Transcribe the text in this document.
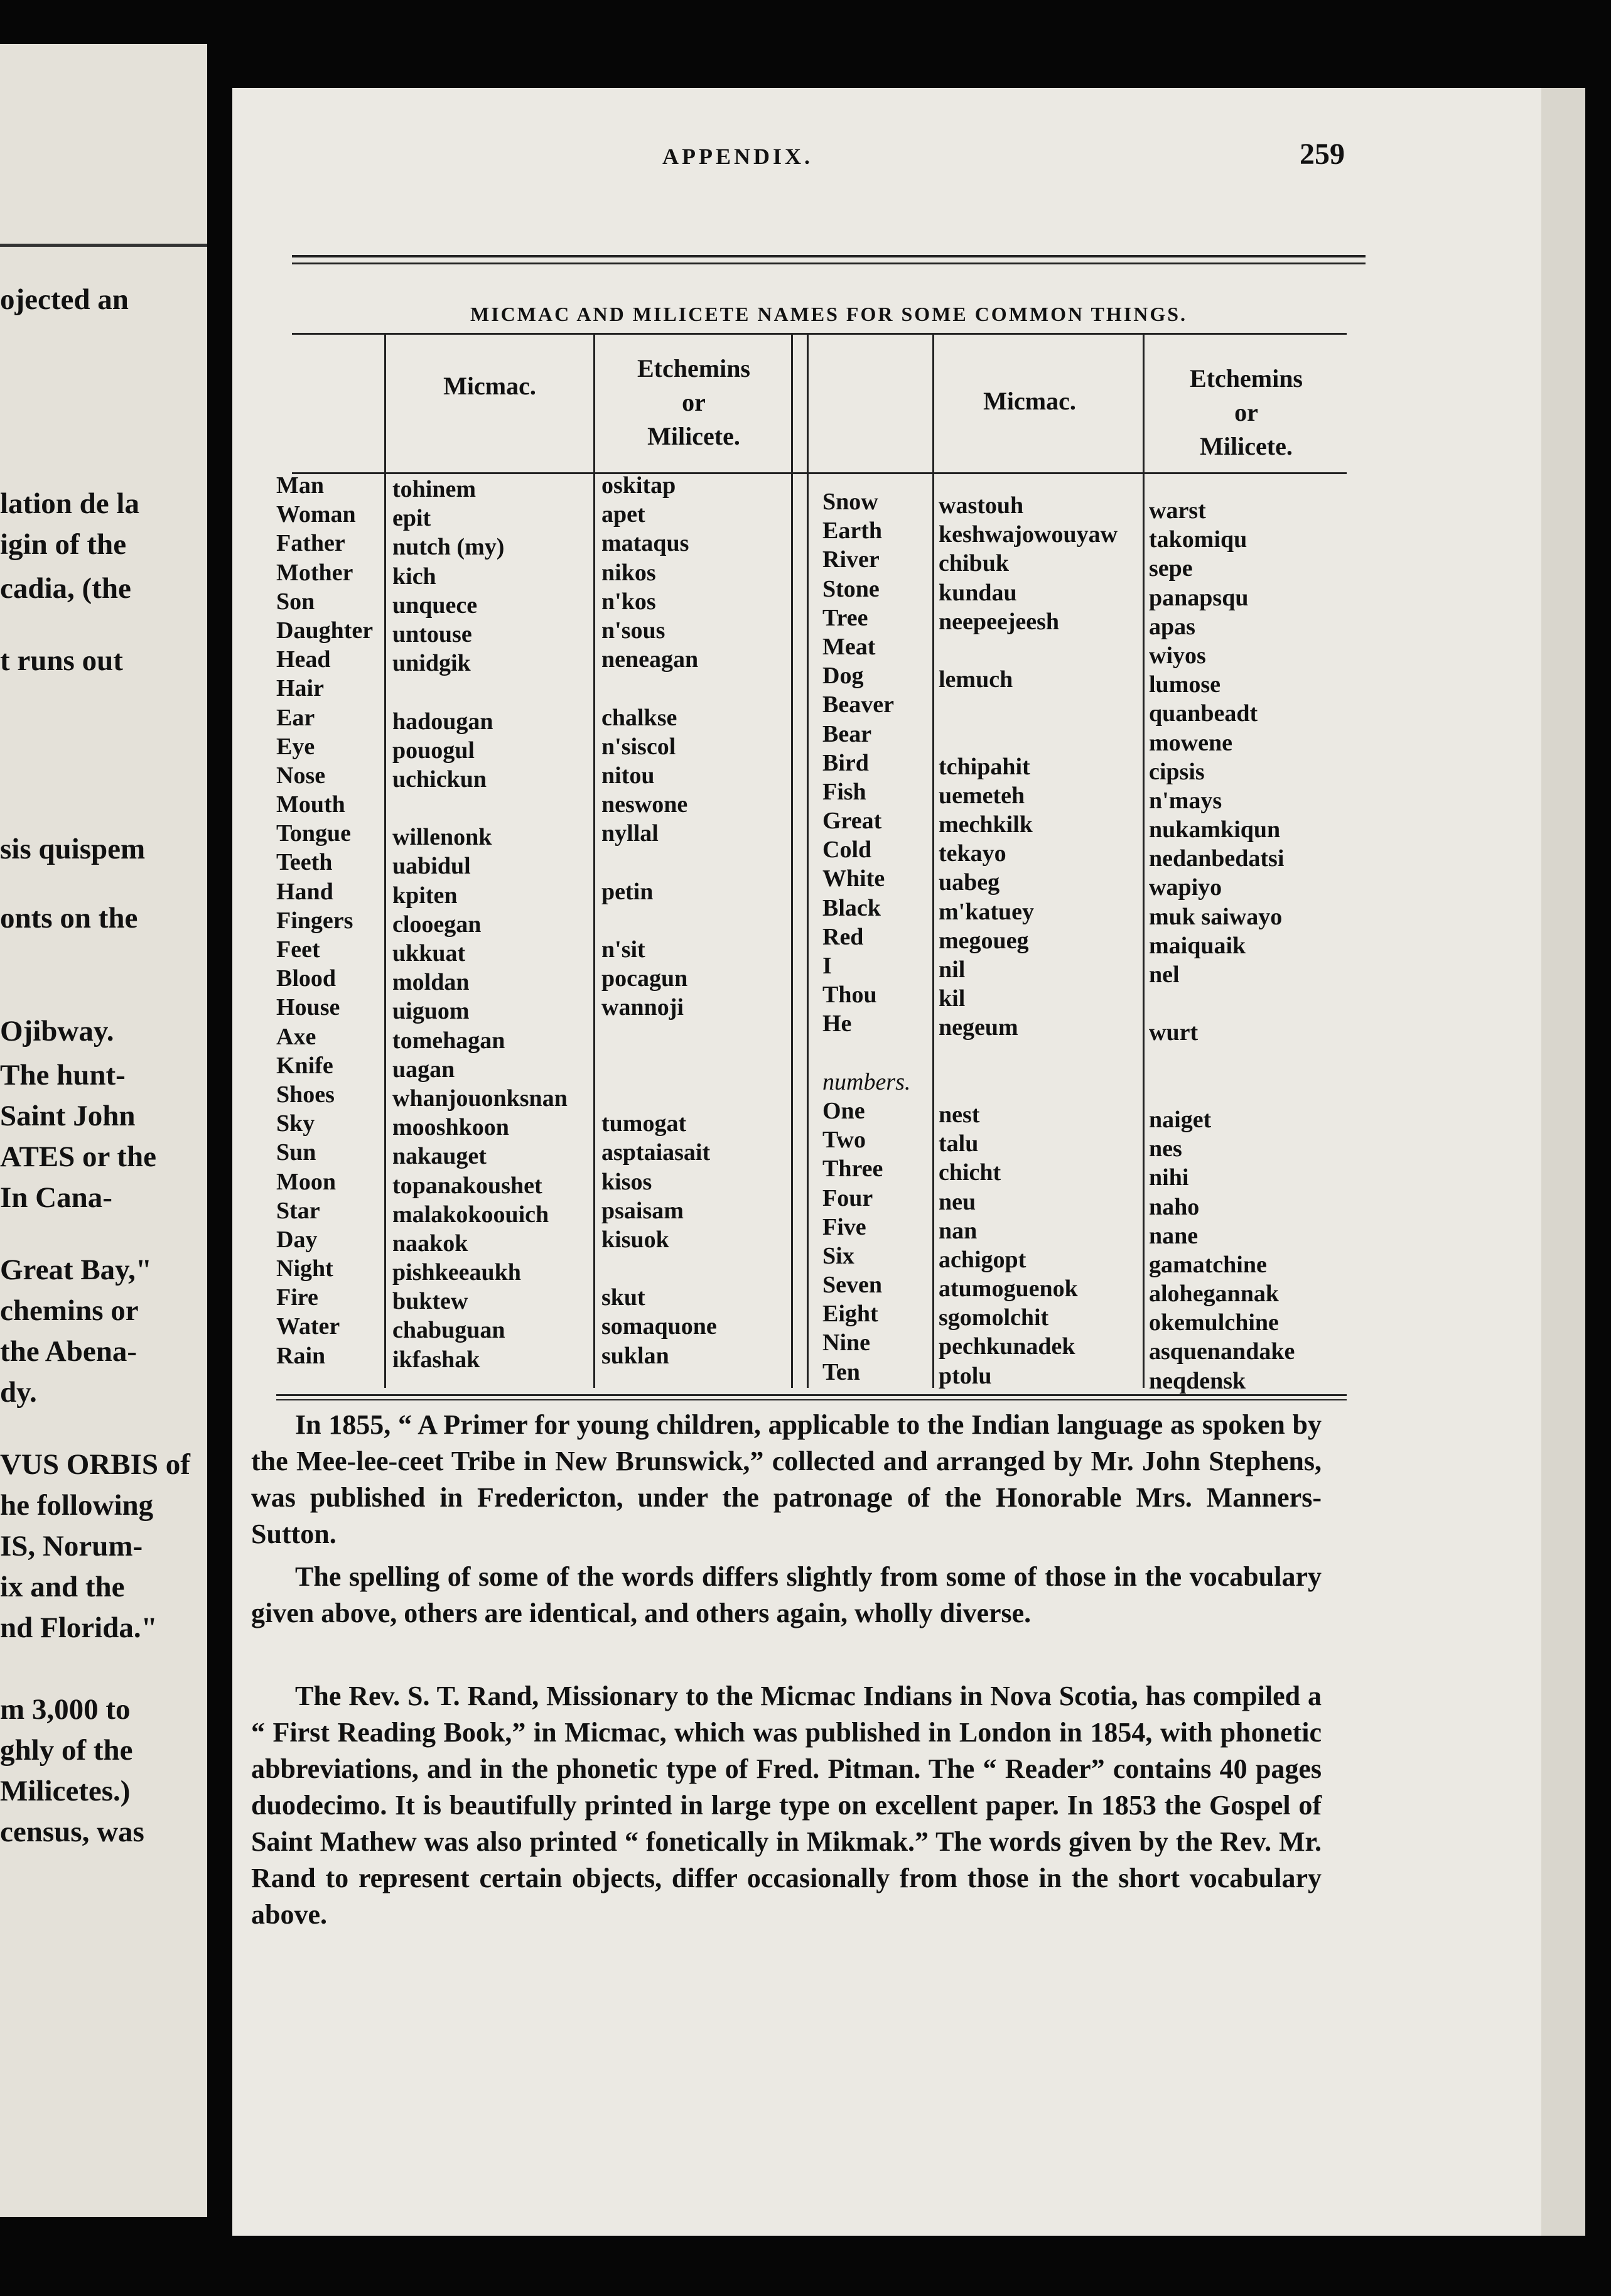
ojected an
lation de la
igin of the
cadia, (the
t runs out
sis quispem
onts on the
Ojibway.
The hunt-
Saint John
ATES or the
In Cana-
Great Bay,"
chemins or
the Abena-
dy.
VUS ORBIS of
he following
IS, Norum-
ix and the
nd Florida."
m 3,000 to
ghly of the
Milicetes.)
census, was
APPENDIX.	259
MICMAC AND MILICETE NAMES FOR SOME COMMON THINGS.
Micmac.
Etchemins
or
Milicete.
Micmac.
Etchemins
or
Milicete.
Man
Woman
Father
Mother
Son
Daughter
Head
Hair
Ear
Eye
Nose
Mouth
Tongue
Teeth
Hand
Fingers
Feet
Blood
House
Axe
Knife
Shoes
Sky
Sun
Moon
Star
Day
Night
Fire
Water
Rain
tohinem
epit
nutch (my)
kich
unquece
untouse
unidgik
hadougan
pouogul
uchickun
willenonk
uabidul
kpiten
clooegan
ukkuat
moldan
uiguom
tomehagan
uagan
whanjouonksnan
mooshkoon
nakauget
topanakoushet
malakokoouich
naakok
pishkeeaukh
buktew
chabuguan
ikfashak
oskitap
apet
mataqus
nikos
n'kos
n'sous
neneagan
chalkse
n'siscol
nitou
neswone
nyllal
petin
n'sit
pocagun
wannoji
tumogat
asptaiasait
kisos
psaisam
kisuok
skut
somaquone
suklan
Snow
Earth
River
Stone
Tree
Meat
Dog
Beaver
Bear
Bird
Fish
Great
Cold
White
Black
Red
I
Thou
He
numbers.
One
Two
Three
Four
Five
Six
Seven
Eight
Nine
Ten
wastouh
keshwajowouyaw
chibuk
kundau
neepeejeesh
lemuch
tchipahit
uemeteh
mechkilk
tekayo
uabeg
m'katuey
megoueg
nil
kil
negeum
nest
talu
chicht
neu
nan
achigopt
atumoguenok
sgomolchit
pechkunadek
ptolu
warst
takomiqu
sepe
panapsqu
apas
wiyos
lumose
quanbeadt
mowene
cipsis
n'mays
nukamkiqun
nedanbedatsi
wapiyo
muk saiwayo
maiquaik
nel
wurt
naiget
nes
nihi
naho
nane
gamatchine
alohegannak
okemulchine
asquenandake
neqdensk

In 1855, “ A Primer for young children, applicable to the Indian language as spoken by the Mee-lee-ceet Tribe in New Brunswick,” collected and arranged by Mr. John Stephens, was published in Fredericton, under the patronage of the Honorable Mrs. Manners-Sutton.

The spelling of some of the words differs slightly from some of those in the vocabulary given above, others are identical, and others again, wholly diverse.

The Rev. S. T. Rand, Missionary to the Micmac Indians in Nova Scotia, has compiled a “ First Reading Book,” in Micmac, which was published in London in 1854, with phonetic abbreviations, and in the phonetic type of Fred. Pitman. The “ Reader” contains 40 pages duodecimo. It is beautifully printed in large type on excellent paper. In 1853 the Gospel of Saint Mathew was also printed “ fonetically in Mikmak.” The words given by the Rev. Mr. Rand to represent certain objects, differ occasionally from those in the short vocabulary above.
